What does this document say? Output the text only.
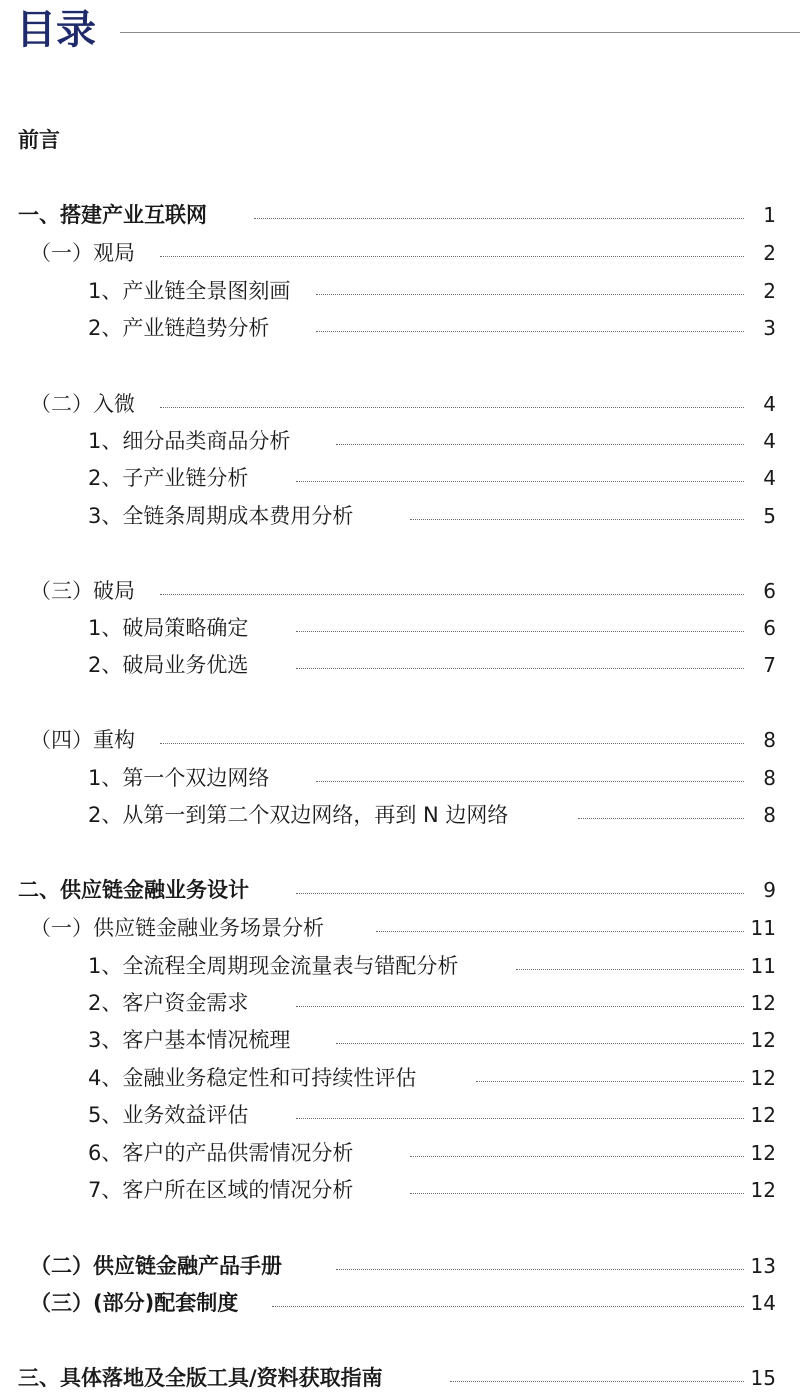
目录
前言
一、搭建产业互联网	1
（一）观局	2
1、产业链全景图刻画	2
2、产业链趋势分析	3
（二）入微	4
1、细分品类商品分析	4
2、子产业链分析	4
3、全链条周期成本费用分析	5
（三）破局	6
1、破局策略确定	6
2、破局业务优选	7
（四）重构	8
1、第一个双边网络	8
2、从第一到第二个双边网络，再到 N 边网络	8
二、供应链金融业务设计	9
（一）供应链金融业务场景分析	11
1、全流程全周期现金流量表与错配分析	11
2、客户资金需求	12
3、客户基本情况梳理	12
4、金融业务稳定性和可持续性评估	12
5、业务效益评估	12
6、客户的产品供需情况分析	12
7、客户所在区域的情况分析	12
（二）供应链金融产品手册	13
（三）(部分)配套制度	14
三、具体落地及全版工具/资料获取指南	15
